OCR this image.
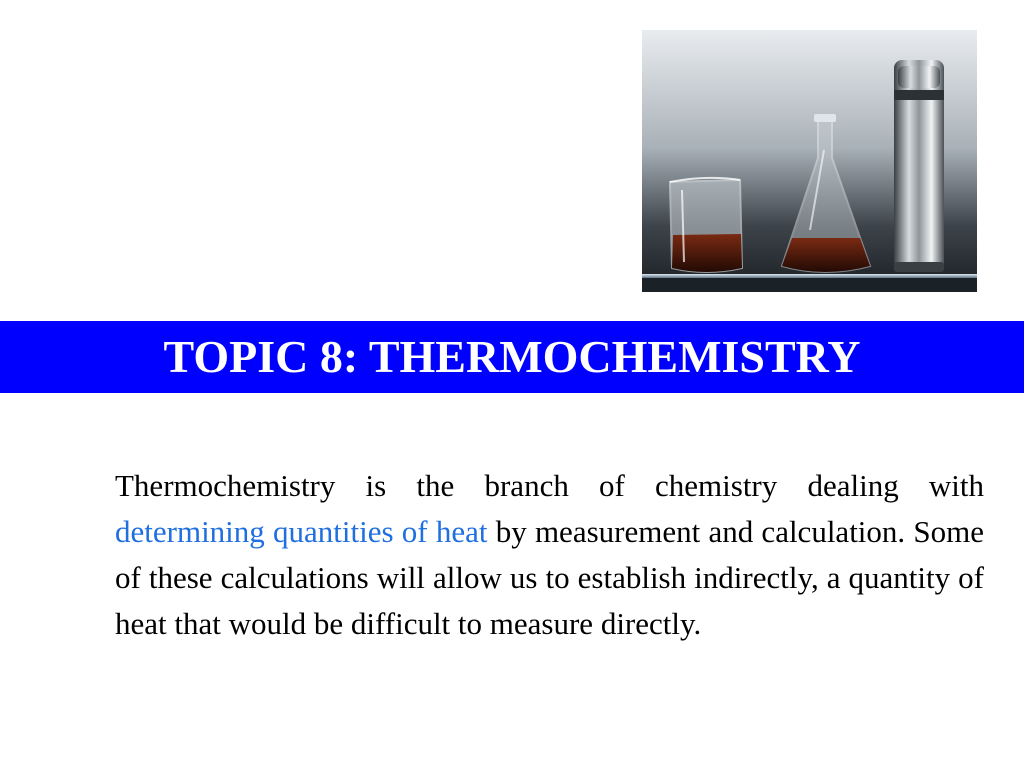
TOPIC 8: THERMOCHEMISTRY
Thermochemistry is the branch of chemistry dealing with determining quantities of heat by measurement and calculation. Some of these calculations will allow us to establish indirectly, a quantity of heat that would be difficult to measure directly.
